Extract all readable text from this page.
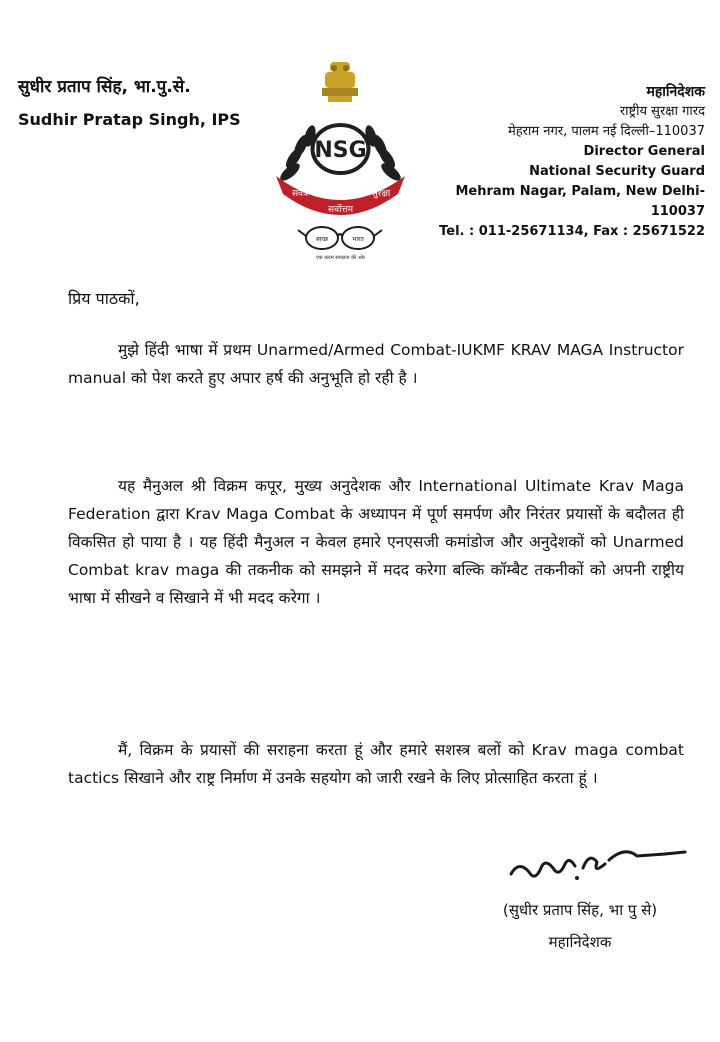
सुधीर प्रताप सिंह, भा.पु.से.
Sudhir Pratap Singh, IPS
NSG
सर्वत्र
सर्वोत्तम
सुरक्षा
स्वच्छ	भारत
एक कदम स्वच्छता की ओर
महानिदेशक
राष्ट्रीय सुरक्षा गारद
मेहराम नगर, पालम नई दिल्ली–110037
Director General
National Security Guard
Mehram Nagar, Palam, New Delhi-110037
Tel. : 011-25671134, Fax : 25671522
प्रिय पाठकों,
मुझे हिंदी भाषा में प्रथम Unarmed/Armed Combat-IUKMF KRAV MAGA Instructor manual को पेश करते हुए अपार हर्ष की अनुभूति हो रही है ।
यह मैनुअल श्री विक्रम कपूर, मुख्य अनुदेशक और International Ultimate Krav Maga Federation द्वारा Krav Maga Combat के अध्यापन में पूर्ण समर्पण और निरंतर प्रयासों के बदौलत ही विकसित हो पाया है । यह हिंदी मैनुअल न केवल हमारे एनएसजी कमांडोज और अनुदेशकों को Unarmed Combat krav maga की तकनीक को समझने में मदद करेगा बल्कि कॉम्बैट तकनीकों को अपनी राष्ट्रीय भाषा में सीखने व सिखाने में भी मदद करेगा ।
मैं, विक्रम के प्रयासों की सराहना करता हूं और हमारे सशस्त्र बलों को Krav maga combat tactics सिखाने और राष्ट्र निर्माण में उनके सहयोग को जारी रखने के लिए प्रोत्साहित करता हूं ।
(सुधीर प्रताप सिंह, भा पु से)
महानिदेशक
